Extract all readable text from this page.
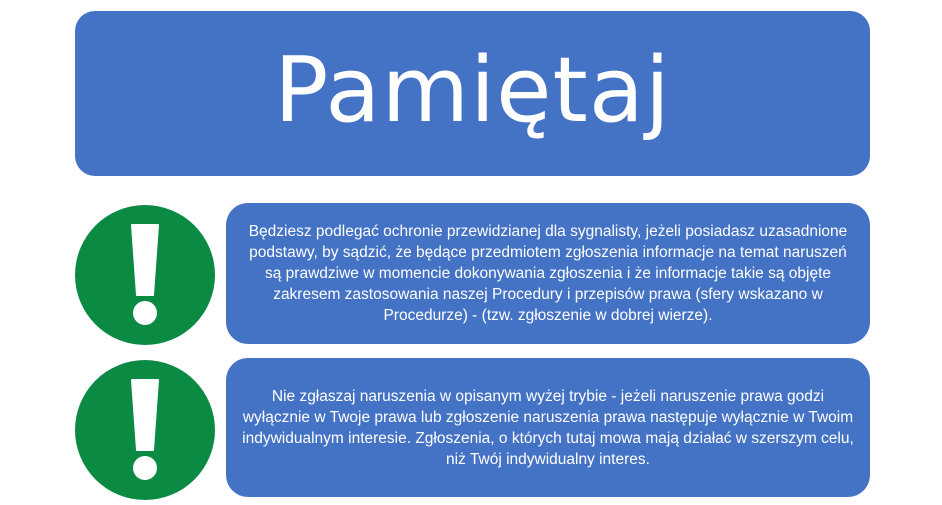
Pamiętaj

Będziesz podlegać ochronie przewidzianej dla sygnalisty, jeżeli posiadasz uzasadnione podstawy, by sądzić, że będące przedmiotem zgłoszenia informacje na temat naruszeń są prawdziwe w momencie dokonywania zgłoszenia i że informacje takie są objęte zakresem zastosowania naszej Procedury i przepisów prawa (sfery wskazano w Procedurze) - (tzw. zgłoszenie w dobrej wierze).

Nie zgłaszaj naruszenia w opisanym wyżej trybie - jeżeli naruszenie prawa godzi wyłącznie w Twoje prawa lub zgłoszenie naruszenia prawa następuje wyłącznie w Twoim indywidualnym interesie. Zgłoszenia, o których tutaj mowa mają działać w szerszym celu, niż Twój indywidualny interes.
